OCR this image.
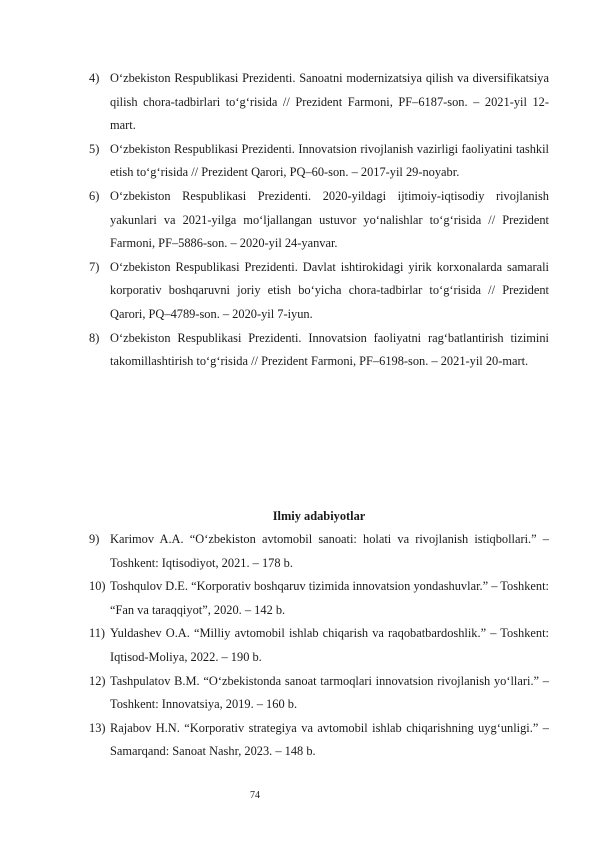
4) O‘zbekiston Respublikasi Prezidenti. Sanoatni modernizatsiya qilish va diversifikatsiya qilish chora-tadbirlari to‘g‘risida // Prezident Farmoni, PF–6187-son. – 2021-yil 12-mart.
5) O‘zbekiston Respublikasi Prezidenti. Innovatsion rivojlanish vazirligi faoliyatini tashkil etish to‘g‘risida // Prezident Qarori, PQ–60-son. – 2017-yil 29-noyabr.
6) O‘zbekiston Respublikasi Prezidenti. 2020-yildagi ijtimoiy-iqtisodiy rivojlanish yakunlari va 2021-yilga mo‘ljallangan ustuvor yo‘nalishlar to‘g‘risida // Prezident Farmoni, PF–5886-son. – 2020-yil 24-yanvar.
7) O‘zbekiston Respublikasi Prezidenti. Davlat ishtirokidagi yirik korxonalarda samarali korporativ boshqaruvni joriy etish bo‘yicha chora-tadbirlar to‘g‘risida // Prezident Qarori, PQ–4789-son. – 2020-yil 7-iyun.
8) O‘zbekiston Respublikasi Prezidenti. Innovatsion faoliyatni rag‘batlantirish tizimini takomillashtirish to‘g‘risida // Prezident Farmoni, PF–6198-son. – 2021-yil 20-mart.
Ilmiy adabiyotlar
9) Karimov A.A. “O‘zbekiston avtomobil sanoati: holati va rivojlanish istiqbollari.” – Toshkent: Iqtisodiyot, 2021. – 178 b.
10) Toshqulov D.E. “Korporativ boshqaruv tizimida innovatsion yondashuvlar.” – Toshkent: “Fan va taraqqiyot”, 2020. – 142 b.
11) Yuldashev O.A. “Milliy avtomobil ishlab chiqarish va raqobatbardoshlik.” – Toshkent: Iqtisod-Moliya, 2022. – 190 b.
12) Tashpulatov B.M. “O‘zbekistonda sanoat tarmoqlari innovatsion rivojlanish yo‘llari.” – Toshkent: Innovatsiya, 2019. – 160 b.
13) Rajabov H.N. “Korporativ strategiya va avtomobil ishlab chiqarishning uyg‘unligi.” – Samarqand: Sanoat Nashr, 2023. – 148 b.
74
